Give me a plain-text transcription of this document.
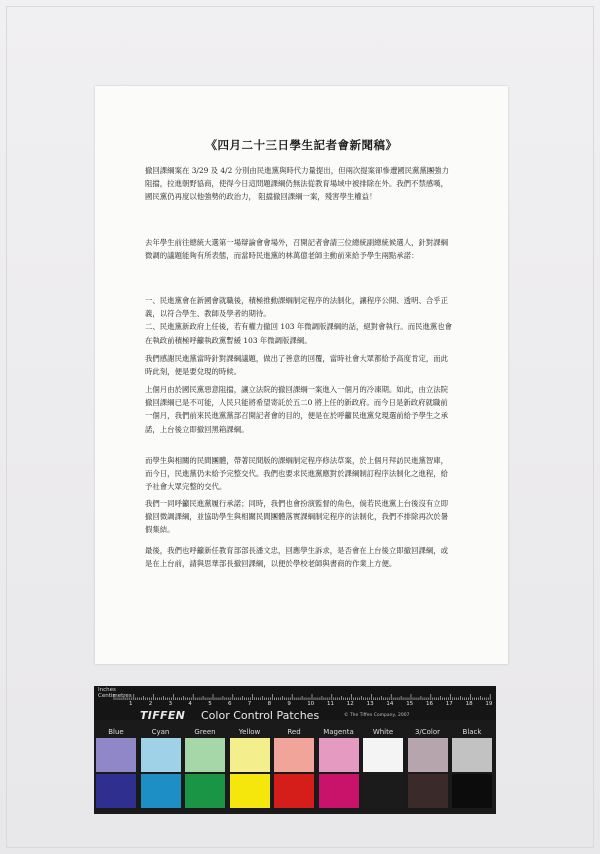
《四月二十三日學生記者會新聞稿》

撤回課綱案在 3/29 及 4/2 分別由民進黨與時代力量提出，但兩次提案卻慘遭國民黨黨團強力阻擋，拉進朝野協商，使得今日這問題課綱仍無法從教育場域中被排除在外。我們不禁感嘆，國民黨仍再度以他強勢的政治力， 阻擋撤回課綱一案，殘害學生權益！

去年學生前往總統大選第一場辯論會會場外，召開記者會請三位總統副總統候選人，針對課綱微調的議題能夠有所表態，而當時民進黨的林萬億老師主動前來給予學生兩點承諾：

一、民進黨會在新國會就職後，積極推動課綱制定程序的法制化，讓程序公開、透明、合乎正義，以符合學生、教師及學者的期待。
二、民進黨新政府上任後，若有權力撤回 103 年微調版課綱的話，絕對會執行。而民進黨也會在執政前積極呼籲執政黨暫緩 103 年微調版課綱。

我們感謝民進黨當時針對課綱議題，做出了善意的回覆，當時社會大眾都給予高度肯定，而此時此刻，便是要兌現的時候。

上個月由於國民黨惡意阻擋，讓立法院的撤回課綱一案進入一個月的冷凍期。如此，由立法院撤回課綱已是不可能，人民只能將希望寄託於五二0 將上任的新政府。而今日是新政府就職前一個月，我們前來民進黨黨部召開記者會的目的，便是在於呼籲民進黨兌現選前給予學生之承諾，上台後立即撤回黑箱課綱。

而學生與相關的民間團體，帶著民間版的課綱制定程序修法草案，於上個月拜訪民進黨智庫，而今日，民進黨仍未給予完整交代。我們也要求民進黨應對於課綱制訂程序法制化之進程，給予社會大眾完整的交代。

我們一同呼籲民進黨履行承諾；同時，我們也會扮演監督的角色，倘若民進黨上台後沒有立即撤回微調課綱，並協助學生與相關民間團體落實課綱制定程序的法制化，我們不排除再次於暑假集結。

最後，我們也呼籲新任教育部部長潘文忠，回應學生訴求，是否會在上台後立即撤回課綱，或是在上台前，請與思華部長撤回課綱，以便於學校老師與書商的作業上方便。

Inches
Centimetres
1	2	3	4	5	6	7	8	9	10 11 12 13 14 15 16 17 18 19
TIFFEN Color Control Patches	© The Tiffen Company, 2007
Blue	Cyan	Green	Yellow	Red	Magenta	White	3/Color	Black
